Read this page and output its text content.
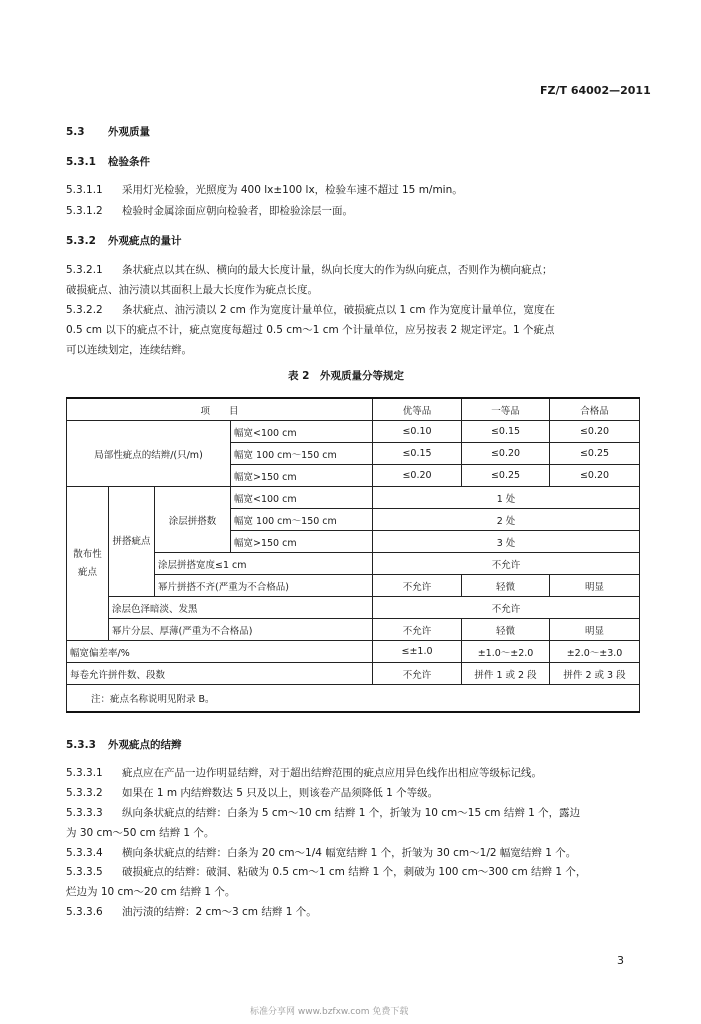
FZ/T 64002—2011
5.3 外观质量
5.3.1 检验条件
5.3.1.1 采用灯光检验，光照度为 400 lx±100 lx，检验车速不超过 15 m/min。
5.3.1.2 检验时金属涂面应朝向检验者，即检验涂层一面。
5.3.2 外观疵点的量计
5.3.2.1 条状疵点以其在纵、横向的最大长度计量，纵向长度大的作为纵向疵点，否则作为横向疵点；
破损疵点、油污渍以其面积上最大长度作为疵点长度。
5.3.2.2 条状疵点、油污渍以 2 cm 作为宽度计量单位，破损疵点以 1 cm 作为宽度计量单位，宽度在
0.5 cm 以下的疵点不计，疵点宽度每超过 0.5 cm～1 cm 个计量单位，应另按表 2 规定评定。1 个疵点
可以连续划定，连续结辫。
表 2　外观质量分等规定
项　　目				优等品	一等品	合格品
局部性疵点的结辫/(只/m)			幅宽<100 cm	≤0.10	≤0.15	≤0.20
			幅宽 100 cm～150 cm	≤0.15	≤0.20	≤0.25
			幅宽>150 cm	≤0.20	≤0.25	≤0.20
散布性疵点	拼搭疵点	涂层拼搭数	幅宽<100 cm	1 处		
			幅宽 100 cm～150 cm	2 处		
			幅宽>150 cm	3 处		
		涂层拼搭宽度≤1 cm		不允许		
		幂片拼搭不齐(严重为不合格品)		不允许	轻微	明显
	涂层色泽暗淡、发黑			不允许		
	幂片分层、厚薄(严重为不合格品)			不允许	轻微	明显
幅宽偏差率/%				≤±1.0	±1.0～±2.0	±2.0～±3.0
每卷允许拼件数、段数				不允许	拼件 1 或 2 段	拼件 2 或 3 段
注：疵点名称说明见附录 B。						
5.3.3 外观疵点的结辫
5.3.3.1 疵点应在产品一边作明显结辫，对于超出结辫范围的疵点应用异色线作出相应等级标记线。
5.3.3.2 如果在 1 m 内结辫数达 5 只及以上，则该卷产品须降低 1 个等级。
5.3.3.3 纵向条状疵点的结辫：白条为 5 cm～10 cm 结辫 1 个，折皱为 10 cm～15 cm 结辫 1 个，露边
为 30 cm～50 cm 结辫 1 个。
5.3.3.4 横向条状疵点的结辫：白条为 20 cm～1/4 幅宽结辫 1 个，折皱为 30 cm～1/2 幅宽结辫 1 个。
5.3.3.5 破损疵点的结辫：破洞、粘破为 0.5 cm～1 cm 结辫 1 个，刺破为 100 cm～300 cm 结辫 1 个，
烂边为 10 cm～20 cm 结辫 1 个。
5.3.3.6 油污渍的结辫：2 cm～3 cm 结辫 1 个。
3
标准分享网 www.bzfxw.com 免费下载
